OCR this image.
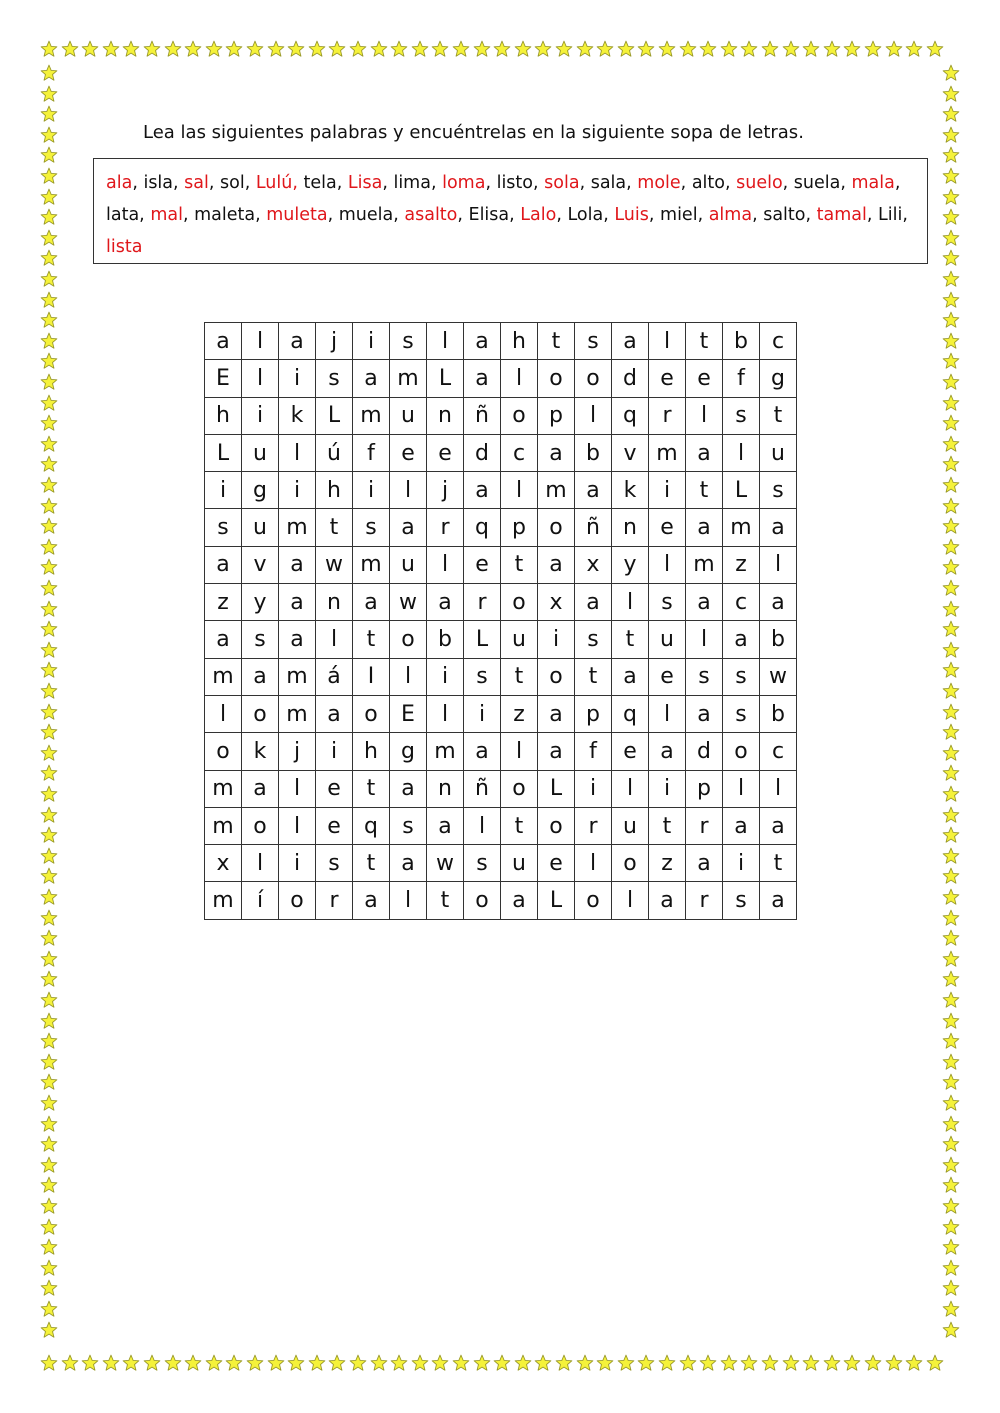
Lea las siguientes palabras y encuéntrelas en la siguiente sopa de letras.

ala, isla, sal, sol, Lulú, tela, Lisa, lima, loma, listo, sola, sala, mole, alto, suelo, suela, mala, lata, mal, maleta, muleta, muela, asalto, Elisa, Lalo, Lola, Luis, miel, alma, salto, tamal, Lili, lista

a	l	a	j	i	s	l	a	h	t	s	a	l	t	b	c
E	l	i	s	a	m	L	a	l	o	o	d	e	e	f	g
h	i	k	L	m	u	n	ñ	o	p	l	q	r	l	s	t
L	u	l	ú	f	e	e	d	c	a	b	v	m	a	l	u
i	g	i	h	i	l	j	a	l	m	a	k	i	t	L	s
s	u	m	t	s	a	r	q	p	o	ñ	n	e	a	m	a
a	v	a	w	m	u	l	e	t	a	x	y	l	m	z	l
z	y	a	n	a	w	a	r	o	x	a	l	s	a	c	a
a	s	a	l	t	o	b	L	u	i	s	t	u	l	a	b
m	a	m	á	I	l	i	s	t	o	t	a	e	s	s	w
l	o	m	a	o	E	l	i	z	a	p	q	l	a	s	b
o	k	j	i	h	g	m	a	l	a	f	e	a	d	o	c
m	a	l	e	t	a	n	ñ	o	L	i	l	i	p	l	l
m	o	l	e	q	s	a	l	t	o	r	u	t	r	a	a
x	l	i	s	t	a	w	s	u	e	l	o	z	a	i	t
m	í	o	r	a	l	t	o	a	L	o	l	a	r	s	a
